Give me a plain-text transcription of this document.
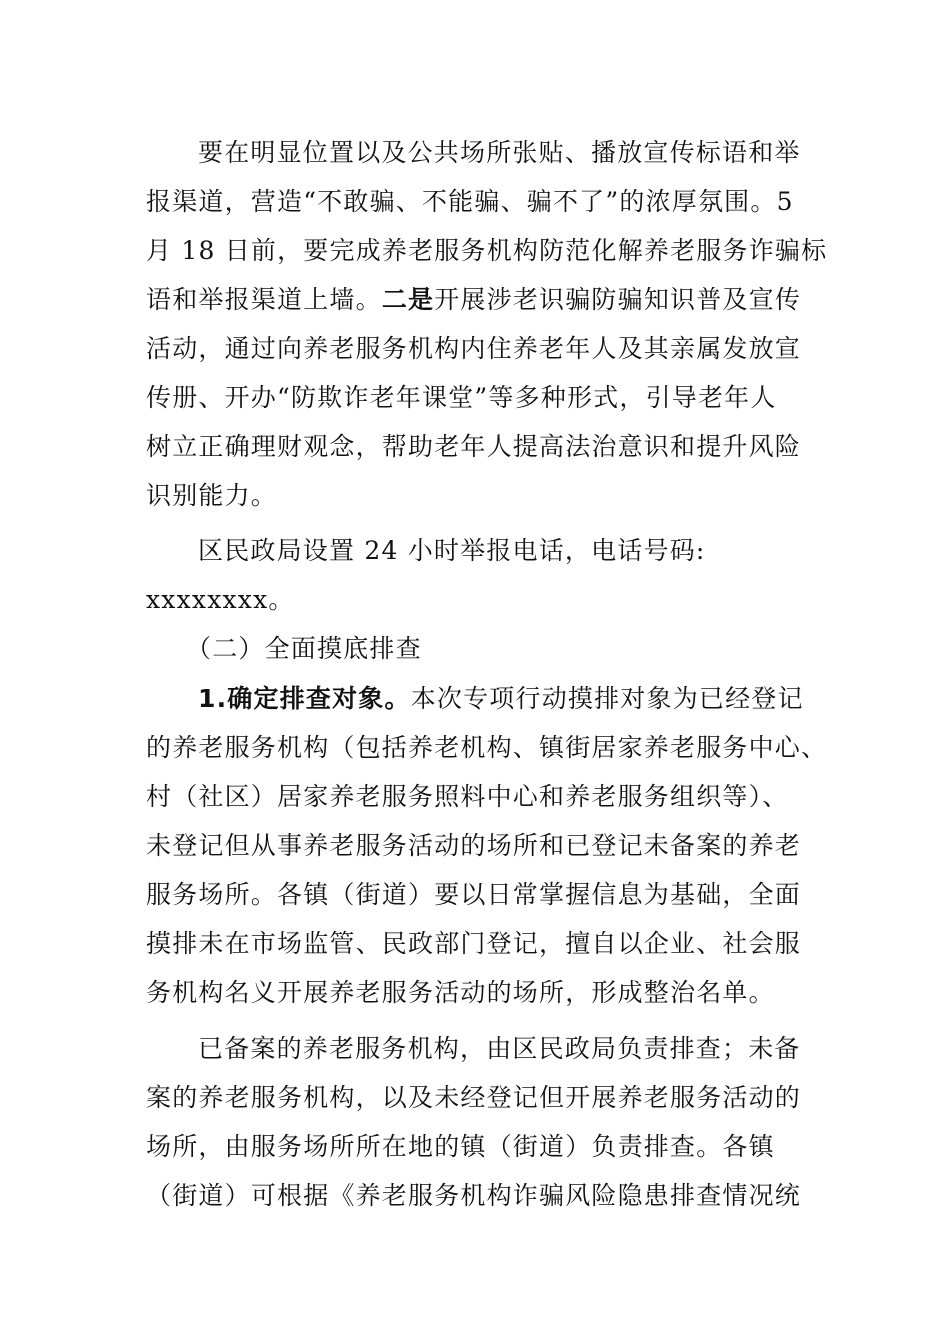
要在明显位置以及公共场所张贴、播放宣传标语和举
报渠道，营造“不敢骗、不能骗、骗不了”的浓厚氛围。5
月 18 日前，要完成养老服务机构防范化解养老服务诈骗标
语和举报渠道上墙。二是开展涉老识骗防骗知识普及宣传
活动，通过向养老服务机构内住养老年人及其亲属发放宣
传册、开办“防欺诈老年课堂”等多种形式，引导老年人
树立正确理财观念，帮助老年人提高法治意识和提升风险
识别能力。
区民政局设置 24 小时举报电话，电话号码:
xxxxxxxx。
（二）全面摸底排查
1.确定排查对象。本次专项行动摸排对象为已经登记
的养老服务机构（包括养老机构、镇街居家养老服务中心、
村（社区）居家养老服务照料中心和养老服务组织等）、
未登记但从事养老服务活动的场所和已登记未备案的养老
服务场所。各镇（街道）要以日常掌握信息为基础，全面
摸排未在市场监管、民政部门登记，擅自以企业、社会服
务机构名义开展养老服务活动的场所，形成整治名单。
已备案的养老服务机构，由区民政局负责排查；未备
案的养老服务机构，以及未经登记但开展养老服务活动的
场所，由服务场所所在地的镇（街道）负责排查。各镇
（街道）可根据《养老服务机构诈骗风险隐患排查情况统
